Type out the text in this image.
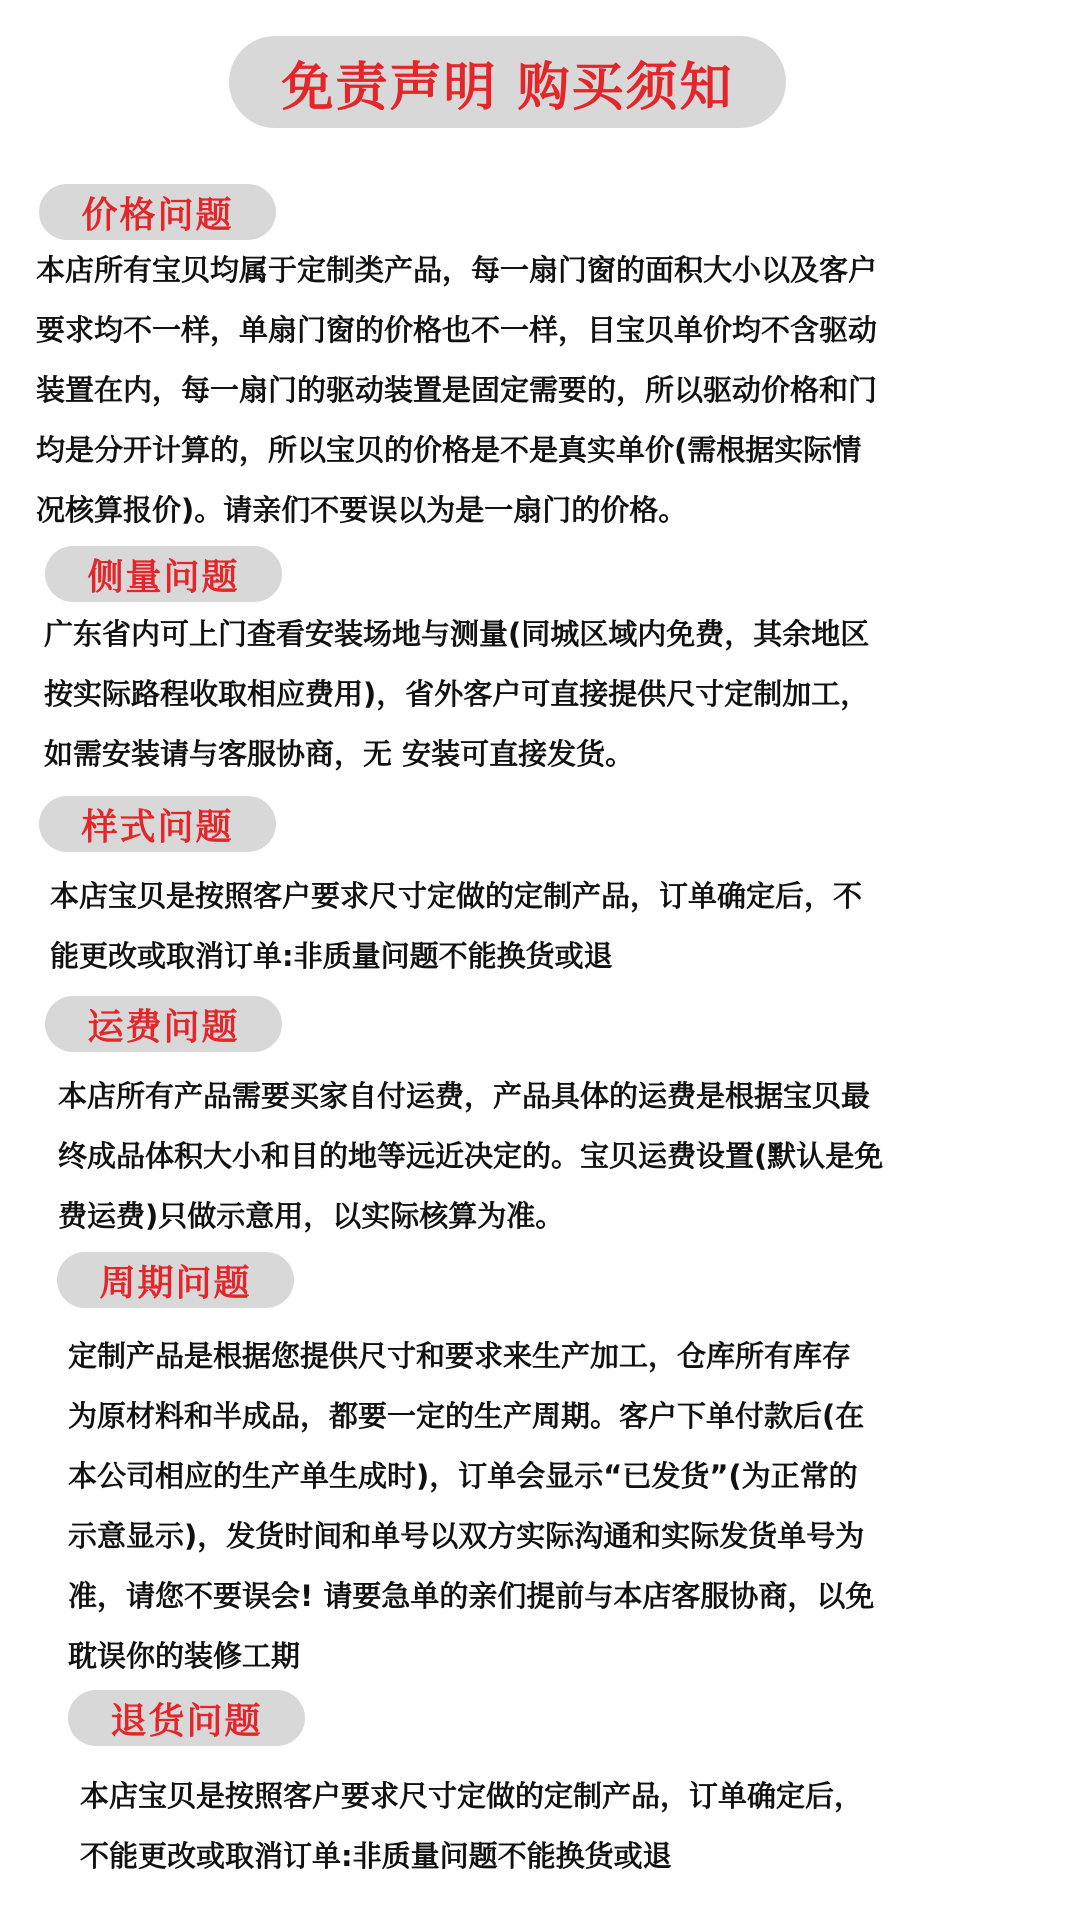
免责声明 购买须知
价格问题
本店所有宝贝均属于定制类产品，每一扇门窗的面积大小以及客户
要求均不一样，单扇门窗的价格也不一样，目宝贝单价均不含驱动
装置在内，每一扇门的驱动装置是固定需要的，所以驱动价格和门
均是分开计算的，所以宝贝的价格是不是真实单价(需根据实际情
况核算报价)。请亲们不要误以为是一扇门的价格。
侧量问题
广东省内可上门查看安装场地与测量(同城区域内免费，其余地区
按实际路程收取相应费用)，省外客户可直接提供尺寸定制加工，
如需安装请与客服协商，无 安装可直接发货。
样式问题
本店宝贝是按照客户要求尺寸定做的定制产品，订单确定后，不
能更改或取消订单:非质量问题不能换货或退
运费问题
本店所有产品需要买家自付运费，产品具体的运费是根据宝贝最
终成品体积大小和目的地等远近决定的。宝贝运费设置(默认是免
费运费)只做示意用，以实际核算为准。
周期问题
定制产品是根据您提供尺寸和要求来生产加工，仓库所有库存
为原材料和半成品，都要一定的生产周期。客户下单付款后(在
本公司相应的生产单生成时)，订单会显示“已发货”(为正常的
示意显示)，发货时间和单号以双方实际沟通和实际发货单号为
准，请您不要误会! 请要急单的亲们提前与本店客服协商，以免
耽误你的装修工期
退货问题
本店宝贝是按照客户要求尺寸定做的定制产品，订单确定后，
不能更改或取消订单:非质量问题不能换货或退
